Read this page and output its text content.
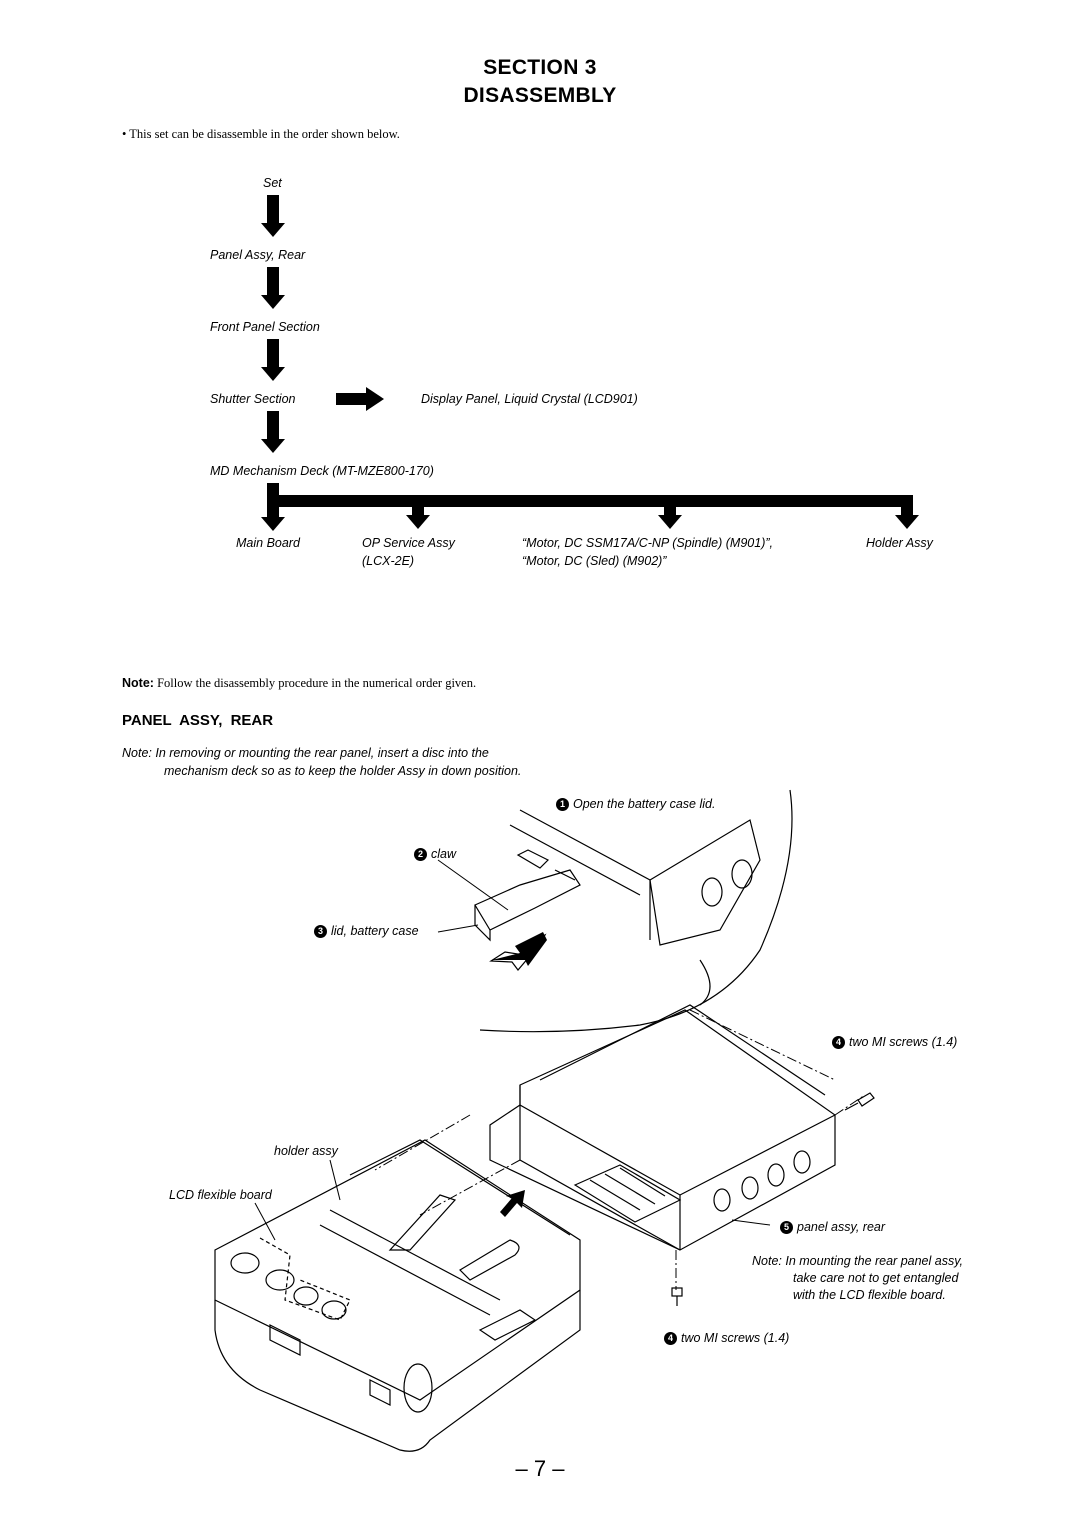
SECTION 3
DISASSEMBLY
• This set can be disassemble in the order shown below.
Set
Panel Assy, Rear
Front Panel Section
Shutter Section	Display Panel, Liquid Crystal (LCD901)
MD Mechanism Deck (MT-MZE800-170)
Main Board	OP Service Assy
(LCX-2E)
“Motor, DC SSM17A/C-NP (Spindle) (M901)”,
“Motor, DC (Sled) (M902)”
Holder Assy
Note: Follow the disassembly procedure in the numerical order given.
PANEL ASSY, REAR
Note: In removing or mounting the rear panel, insert a disc into the
mechanism deck so as to keep the holder Assy in down position.
1 Open the battery case lid.
2 claw
3 lid, battery case
4 two MI screws (1.4)
holder assy
LCD flexible board
5 panel assy, rear
Note: In mounting the rear panel assy,
take care not to get entangled
with the LCD flexible board.
4 two MI screws (1.4)
– 7 –
